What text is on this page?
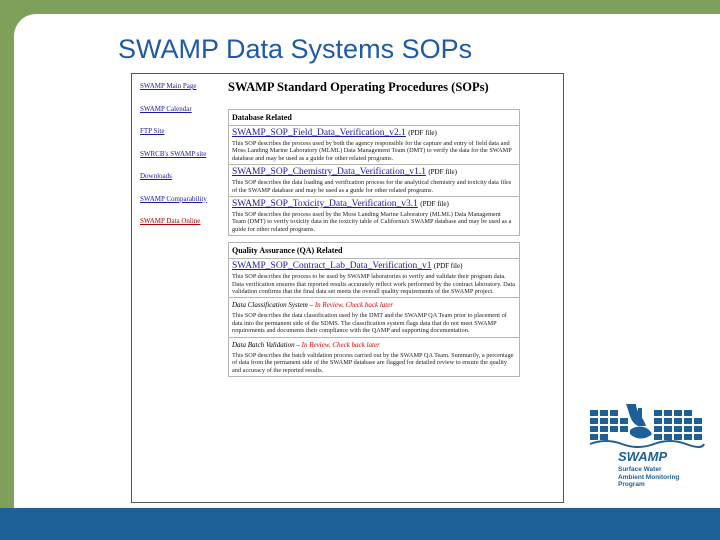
SWAMP Data Systems SOPs
SWAMP Main Page
SWAMP Calendar
FTP Site
SWRCB's SWAMP site
Downloads
SWAMP Comparability
SWAMP Data Online
SWAMP Standard Operating Procedures (SOPs)
Database Related
SWAMP_SOP_Field_Data_Verification_v2.1 (PDF file)
This SOP describes the process used by both the agency responsible for the capture and entry of field data and Moss Landing Marine Laboratory (MLML) Data Management Team (DMT) to verify the data for the SWAMP database and may be used as a guide for other related programs.
SWAMP_SOP_Chemistry_Data_Verification_v1.1 (PDF file)
This SOP describes the data loading and verification process for the analytical chemistry and toxicity data files of the SWAMP database and may be used as a guide for other related programs.
SWAMP_SOP_Toxicity_Data_Verification_v3.1 (PDF file)
This SOP describes the process used by the Moss Landing Marine Laboratory (MLML) Data Management Team (DMT) to verify toxicity data in the toxicity table of California's SWAMP database and may be used as a guide for other related programs.
Quality Assurance (QA) Related
SWAMP_SOP_Contract_Lab_Data_Verification_v1 (PDF file)
This SOP describes the process to be used by SWAMP laboratories to verify and validate their program data. Data verification ensures that reported results accurately reflect work performed by the contract laboratory. Data validation confirms that the final data set meets the overall quality requirements of the SWAMP project.
Data Classification System – In Review, Check back later
This SOP describes the data classification used by the DMT and the SWAMP QA Team prior to placement of data into the permanent side of the SDMS. The classification system flags data that do not meet SWAMP requirements and documents their compliance with the QAMP and supporting documentation.
Data Batch Validation – In Review, Check back later
This SOP describes the batch validation process carried out by the SWAMP QA Team. Summarily, a percentage of data from the permanent side of the SWAMP database are flagged for detailed review to ensure the quality and accuracy of the reported results.
SWAMP
Surface Water
Ambient Monitoring
Program
